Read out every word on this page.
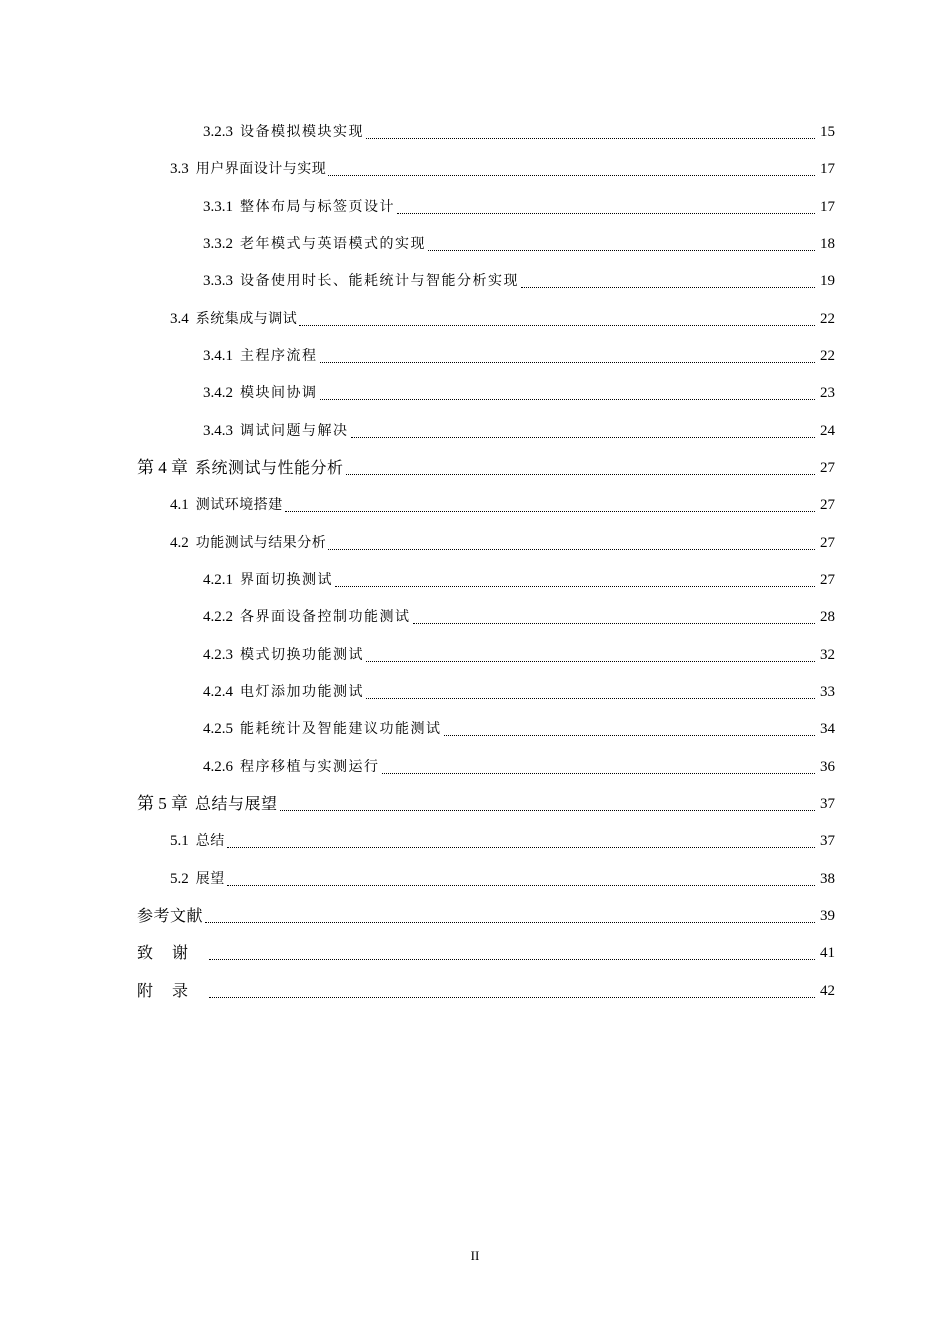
3.2.3 设备模拟模块实现	15
3.3 用户界面设计与实现	17
3.3.1 整体布局与标签页设计	17
3.3.2 老年模式与英语模式的实现	18
3.3.3 设备使用时长、能耗统计与智能分析实现	19
3.4 系统集成与调试	22
3.4.1 主程序流程	22
3.4.2 模块间协调	23
3.4.3 调试问题与解决	24
第 4 章 系统测试与性能分析	27
4.1 测试环境搭建	27
4.2 功能测试与结果分析	27
4.2.1 界面切换测试	27
4.2.2 各界面设备控制功能测试	28
4.2.3 模式切换功能测试	32
4.2.4 电灯添加功能测试	33
4.2.5 能耗统计及智能建议功能测试	34
4.2.6 程序移植与实测运行	36
第 5 章 总结与展望	37
5.1 总结	37
5.2 展望	38
参考文献	39
致谢	41
附录	42
II
